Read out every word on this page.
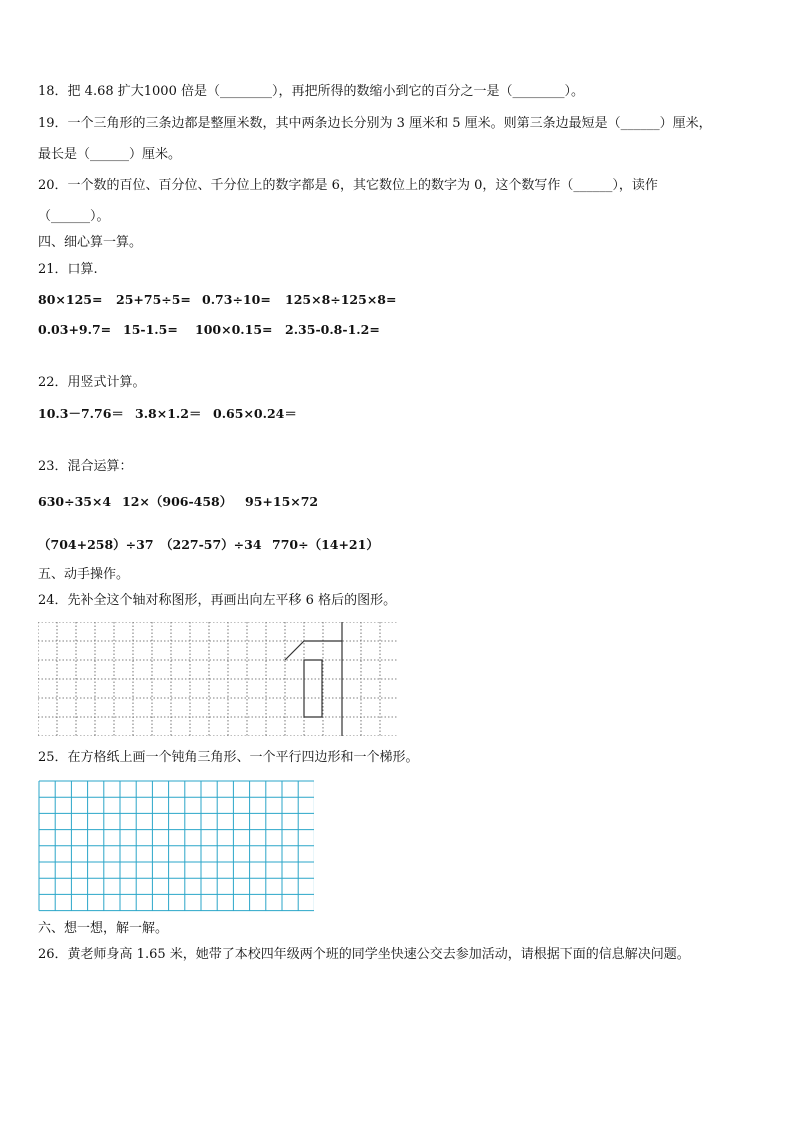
18．把 4.68 扩大1000 倍是（________），再把所得的数缩小到它的百分之一是（________）。
19．一个三角形的三条边都是整厘米数，其中两条边长分别为 3 厘米和 5 厘米。则第三条边最短是（______）厘米，
最长是（______）厘米。
20．一个数的百位、百分位、千分位上的数字都是 6，其它数位上的数字为 0，这个数写作（______），读作
（______）。
四、细心算一算。
21．口算.
80×125= 25+75÷5= 0.73÷10= 125×8÷125×8=
0.03+9.7= 15-1.5= 100×0.15= 2.35-0.8-1.2=
22．用竖式计算。
10.3－7.76＝ 3.8×1.2＝ 0.65×0.24＝
23．混合运算：
630÷35×4 12×（906-458） 95+15×72
（704+258）÷37 （227-57）÷34 770÷（14+21）
五、动手操作。
24．先补全这个轴对称图形，再画出向左平移 6 格后的图形。
25．在方格纸上画一个钝角三角形、一个平行四边形和一个梯形。
六、想一想，解一解。
26．黄老师身高 1.65 米，她带了本校四年级两个班的同学坐快速公交去参加活动，请根据下面的信息解决问题。
